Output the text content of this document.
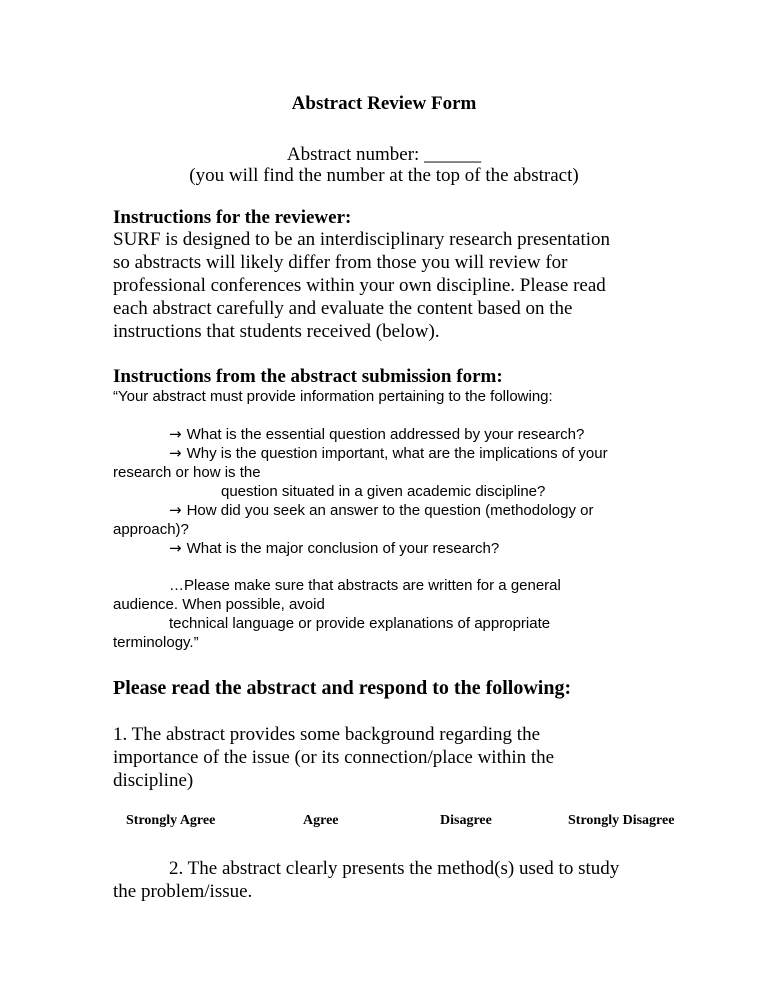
Abstract Review Form
Abstract number: ______
(you will find the number at the top of the abstract)
Instructions for the reviewer:
SURF is designed to be an interdisciplinary research presentation
so abstracts will likely differ from those you will review for
professional conferences within your own discipline. Please read
each abstract carefully and evaluate the content based on the
instructions that students received (below).
Instructions from the abstract submission form:
“Your abstract must provide information pertaining to the following:
→ What is the essential question addressed by your research?
→ Why is the question important, what are the implications of your
research or how is the
question situated in a given academic discipline?
→ How did you seek an answer to the question (methodology or
approach)?
→ What is the major conclusion of your research?
…Please make sure that abstracts are written for a general
audience. When possible, avoid
technical language or provide explanations of appropriate
terminology.”
Please read the abstract and respond to the following:
1. The abstract provides some background regarding the
importance of the issue (or its connection/place within the
discipline)
Strongly Agree	Agree	Disagree	Strongly Disagree
2. The abstract clearly presents the method(s) used to study
the problem/issue.
